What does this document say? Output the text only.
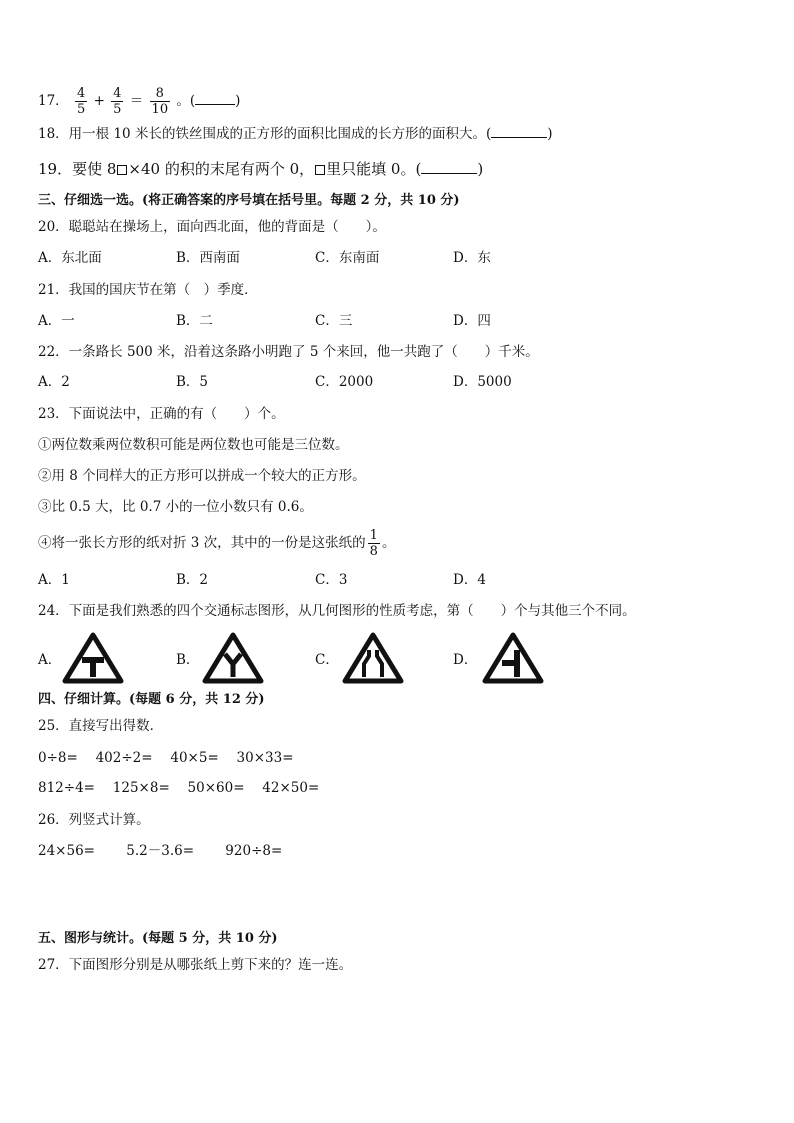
17． $\frac{4}{5} + \frac{4}{5} = \frac{8}{10}$ 。(	)
18．用一根 10 米长的铁丝围成的正方形的面积比围成的长方形的面积大。(	)
19．要使 8 ×40 的积的末尾有两个 0， 里只能填 0。(	)
三、仔细选一选。(将正确答案的序号填在括号里。每题 2 分，共 10 分)
20．聪聪站在操场上，面向西北面，他的背面是（　　）。
A．东北面	B．西南面	C．东南面	D．东
21．我国的国庆节在第（　）季度．
A．一	B．二	C．三	D．四
22．一条路长 500 米，沿着这条路小明跑了 5 个来回，他一共跑了（　　）千米。
A．2	B．5	C．2000	D．5000
23．下面说法中，正确的有（　　）个。
①两位数乘两位数积可能是两位数也可能是三位数。
②用 8 个同样大的正方形可以拼成一个较大的正方形。
③比 0.5 大，比 0.7 小的一位小数只有 0.6。
④将一张长方形的纸对折 3 次，其中的一份是这张纸的 $\frac{1}{8}$ 。
A．1	B．2	C．3	D．4
24．下面是我们熟悉的四个交通标志图形，从几何图形的性质考虑，第（　　）个与其他三个不同。
A．	B．	C．	D．
四、仔细计算。(每题 6 分，共 12 分)
25．直接写出得数．
0÷8=　 402÷2=　 40×5=　 30×33=
812÷4=　 125×8=　 50×60=　 42×50=
26．列竖式计算。
24×56=　　 5.2－3.6=　　 920÷8=
五、图形与统计。(每题 5 分，共 10 分)
27．下面图形分别是从哪张纸上剪下来的？连一连。
